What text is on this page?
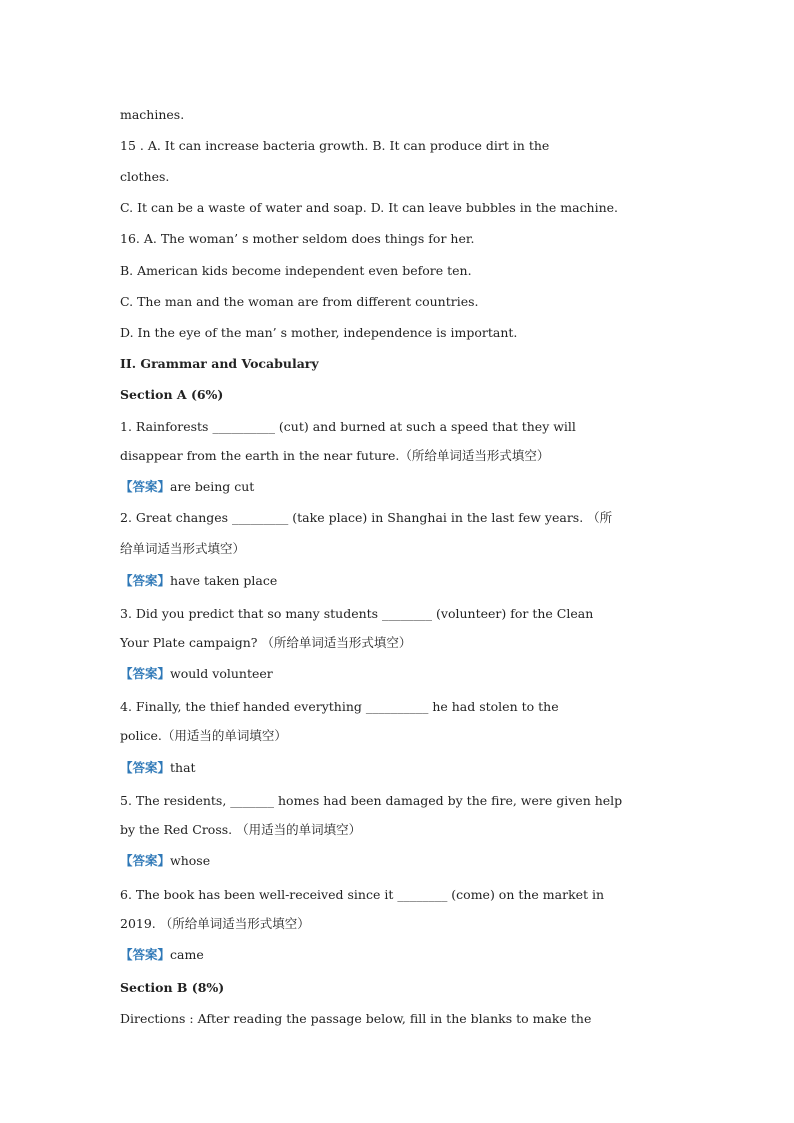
machines.
15 . A. It can increase bacteria growth. B. It can produce dirt in the
clothes.
C. It can be a waste of water and soap. D. It can leave bubbles in the machine.
16. A. The woman’ s mother seldom does things for her.
B. American kids become independent even before ten.
C. The man and the woman are from different countries.
D. In the eye of the man’ s mother, independence is important.
II. Grammar and Vocabulary
Section A (6%)
1. Rainforests __________ (cut) and burned at such a speed that they will
disappear from the earth in the near future.（所给单词适当形式填空）
【答案】are being cut
2. Great changes _________ (take place) in Shanghai in the last few years. （所
给单词适当形式填空）
【答案】have taken place
3. Did you predict that so many students ________ (volunteer) for the Clean
Your Plate campaign? （所给单词适当形式填空）
【答案】would volunteer
4. Finally, the thief handed everything __________ he had stolen to the
police.（用适当的单词填空）
【答案】that
5. The residents, _______ homes had been damaged by the fire, were given help
by the Red Cross. （用适当的单词填空）
【答案】whose
6. The book has been well-received since it ________ (come) on the market in
2019. （所给单词适当形式填空）
【答案】came
Section B (8%)
Directions : After reading the passage below, fill in the blanks to make the
